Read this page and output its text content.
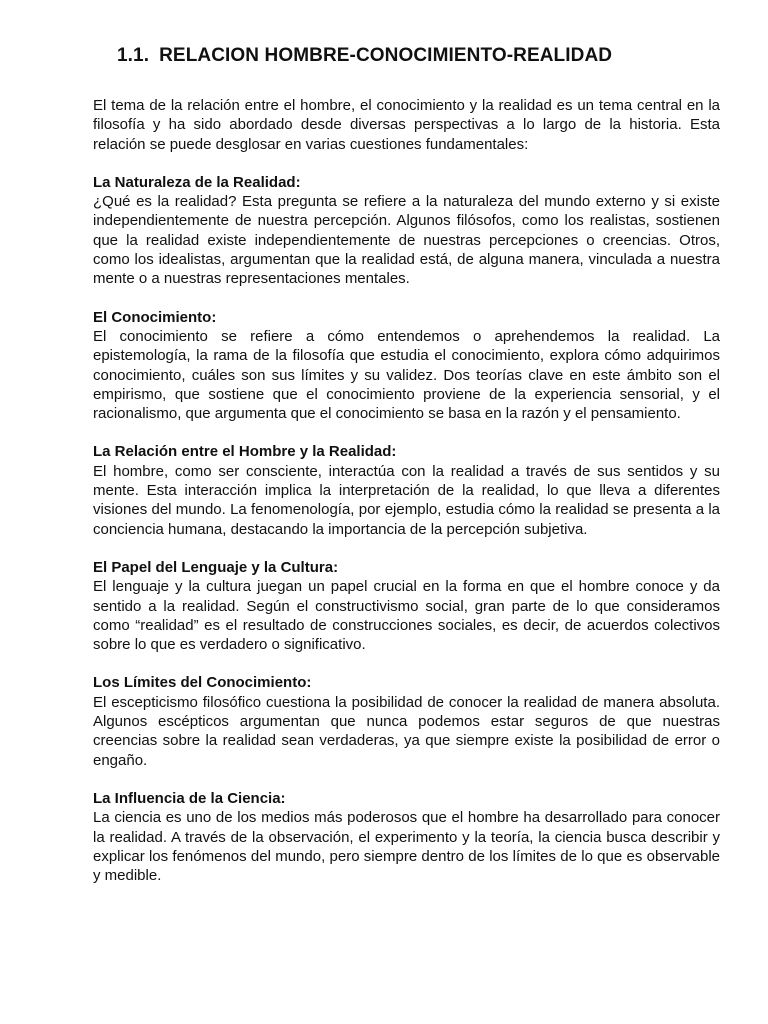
1.1. RELACION HOMBRE-CONOCIMIENTO-REALIDAD

El tema de la relación entre el hombre, el conocimiento y la realidad es un tema central en la filosofía y ha sido abordado desde diversas perspectivas a lo largo de la historia. Esta relación se puede desglosar en varias cuestiones fundamentales:

La Naturaleza de la Realidad:

¿Qué es la realidad? Esta pregunta se refiere a la naturaleza del mundo externo y si existe independientemente de nuestra percepción. Algunos filósofos, como los realistas, sostienen que la realidad existe independientemente de nuestras percepciones o creencias. Otros, como los idealistas, argumentan que la realidad está, de alguna manera, vinculada a nuestra mente o a nuestras representaciones mentales.

El Conocimiento:

El conocimiento se refiere a cómo entendemos o aprehendemos la realidad. La epistemología, la rama de la filosofía que estudia el conocimiento, explora cómo adquirimos conocimiento, cuáles son sus límites y su validez. Dos teorías clave en este ámbito son el empirismo, que sostiene que el conocimiento proviene de la experiencia sensorial, y el racionalismo, que argumenta que el conocimiento se basa en la razón y el pensamiento.

La Relación entre el Hombre y la Realidad:

El hombre, como ser consciente, interactúa con la realidad a través de sus sentidos y su mente. Esta interacción implica la interpretación de la realidad, lo que lleva a diferentes visiones del mundo. La fenomenología, por ejemplo, estudia cómo la realidad se presenta a la conciencia humana, destacando la importancia de la percepción subjetiva.

El Papel del Lenguaje y la Cultura:

El lenguaje y la cultura juegan un papel crucial en la forma en que el hombre conoce y da sentido a la realidad. Según el constructivismo social, gran parte de lo que consideramos como “realidad” es el resultado de construcciones sociales, es decir, de acuerdos colectivos sobre lo que es verdadero o significativo.

Los Límites del Conocimiento:

El escepticismo filosófico cuestiona la posibilidad de conocer la realidad de manera absoluta. Algunos escépticos argumentan que nunca podemos estar seguros de que nuestras creencias sobre la realidad sean verdaderas, ya que siempre existe la posibilidad de error o engaño.

La Influencia de la Ciencia:

La ciencia es uno de los medios más poderosos que el hombre ha desarrollado para conocer la realidad. A través de la observación, el experimento y la teoría, la ciencia busca describir y explicar los fenómenos del mundo, pero siempre dentro de los límites de lo que es observable y medible.
